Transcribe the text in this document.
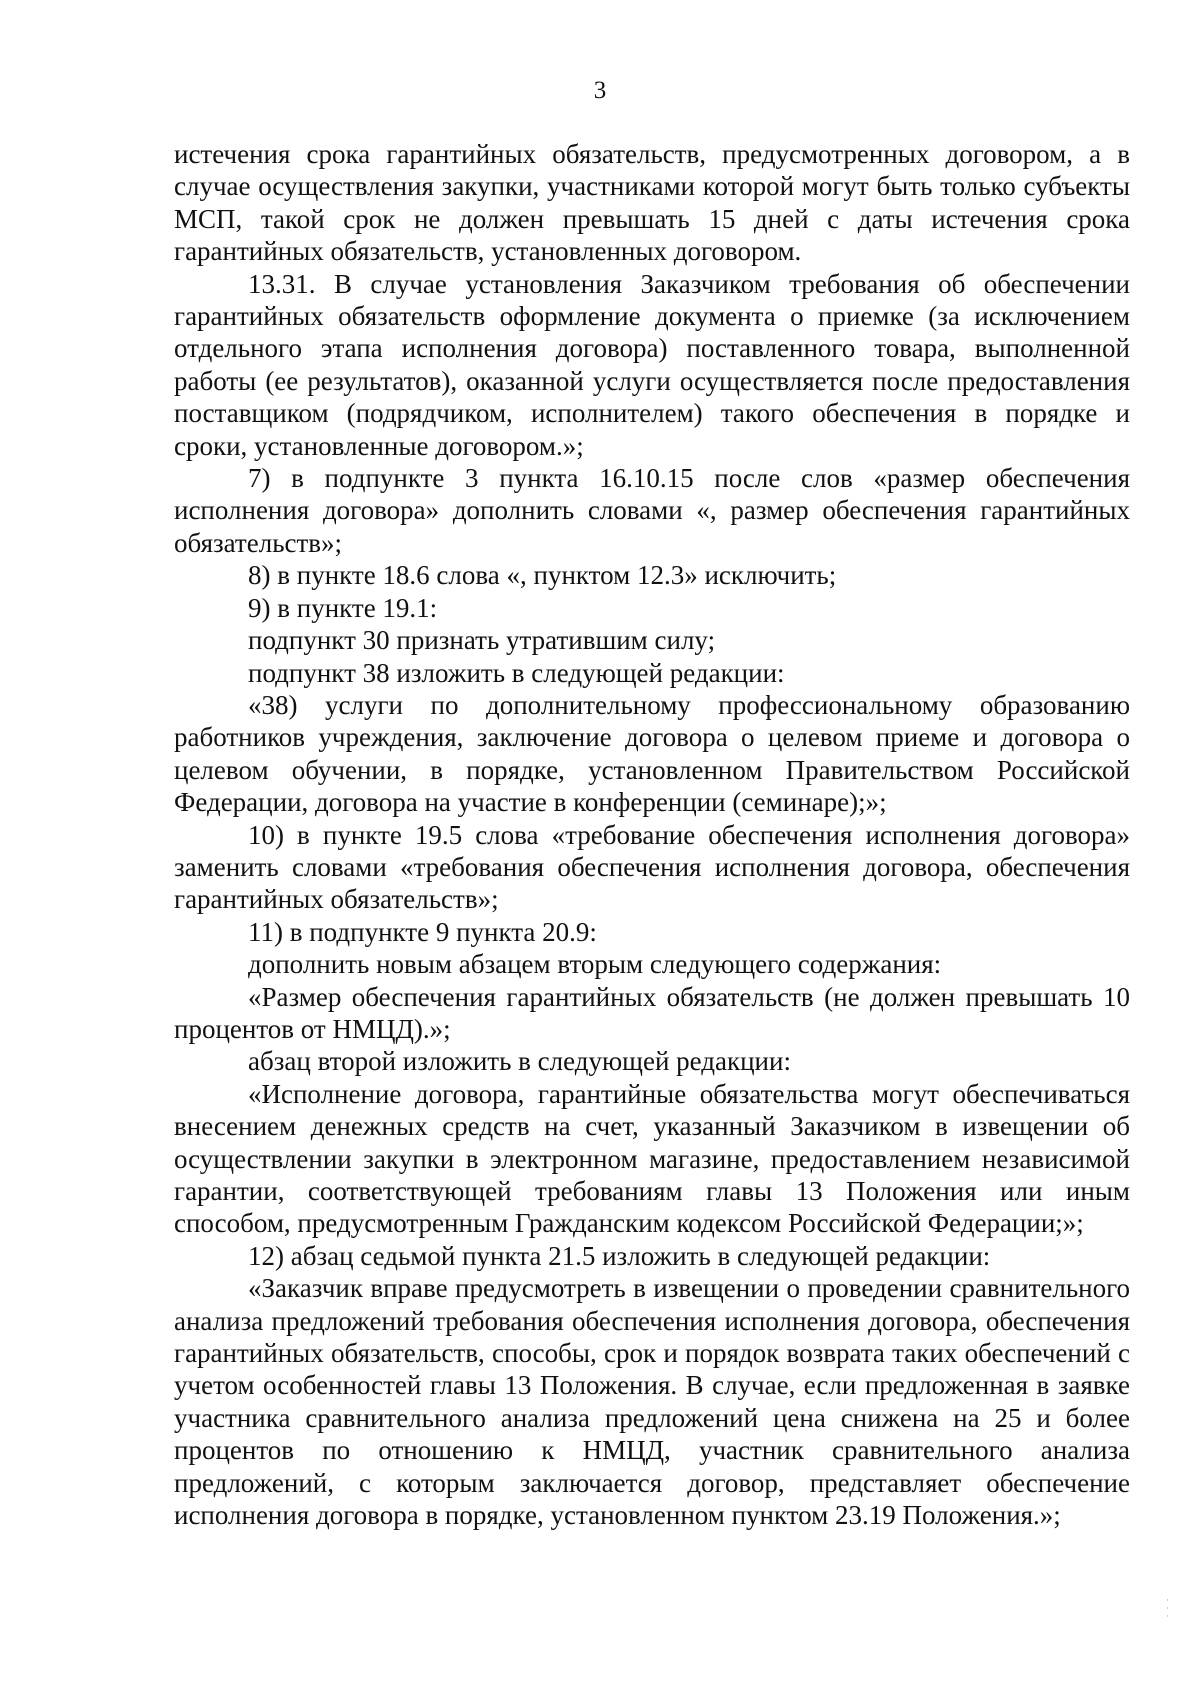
3

истечения срока гарантийных обязательств, предусмотренных договором, а в случае осуществления закупки, участниками которой могут быть только субъекты МСП, такой срок не должен превышать 15 дней с даты истечения срока гарантийных обязательств, установленных договором.

13.31. В случае установления Заказчиком требования об обеспечении гарантийных обязательств оформление документа о приемке (за исключением отдельного этапа исполнения договора) поставленного товара, выполненной работы (ее результатов), оказанной услуги осуществляется после предоставления поставщиком (подрядчиком, исполнителем) такого обеспечения в порядке и сроки, установленные договором.»;

7) в подпункте 3 пункта 16.10.15 после слов «размер обеспечения исполнения договора» дополнить словами «, размер обеспечения гарантийных обязательств»;

8) в пункте 18.6 слова «, пунктом 12.3» исключить;

9) в пункте 19.1:

подпункт 30 признать утратившим силу;

подпункт 38 изложить в следующей редакции:

«38) услуги по дополнительному профессиональному образованию работников учреждения, заключение договора о целевом приеме и договора о целевом обучении, в порядке, установленном Правительством Российской Федерации, договора на участие в конференции (семинаре);»;

10) в пункте 19.5 слова «требование обеспечения исполнения договора» заменить словами «требования обеспечения исполнения договора, обеспечения гарантийных обязательств»;

11) в подпункте 9 пункта 20.9:

дополнить новым абзацем вторым следующего содержания:

«Размер обеспечения гарантийных обязательств (не должен превышать 10 процентов от НМЦД).»;

абзац второй изложить в следующей редакции:

«Исполнение договора, гарантийные обязательства могут обеспечиваться внесением денежных средств на счет, указанный Заказчиком в извещении об осуществлении закупки в электронном магазине, предоставлением независимой гарантии, соответствующей требованиям главы 13 Положения или иным способом, предусмотренным Гражданским кодексом Российской Федерации;»;

12) абзац седьмой пункта 21.5 изложить в следующей редакции:

«Заказчик вправе предусмотреть в извещении о проведении сравнительного анализа предложений требования обеспечения исполнения договора, обеспечения гарантийных обязательств, способы, срок и порядок возврата таких обеспечений с учетом особенностей главы 13 Положения. В случае, если предложенная в заявке участника сравнительного анализа предложений цена снижена на 25 и более процентов по отношению к НМЦД, участник сравнительного анализа предложений, с которым заключается договор, представляет обеспечение исполнения договора в порядке, установленном пунктом 23.19 Положения.»;

·
·
·
